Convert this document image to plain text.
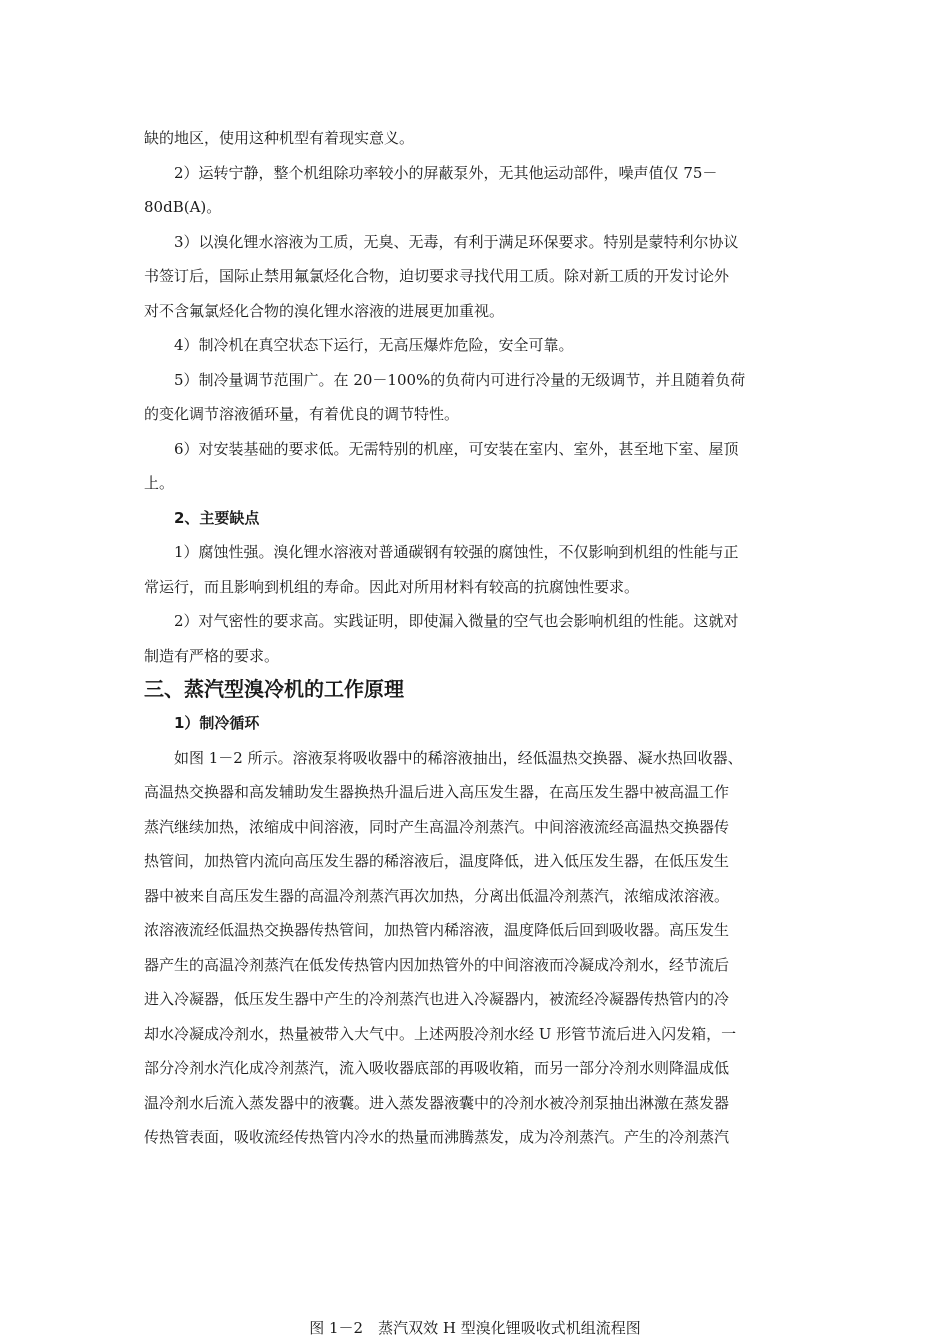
缺的地区，使用这种机型有着现实意义。
2）运转宁静，整个机组除功率较小的屏蔽泵外，无其他运动部件，噪声值仅 75－
80dB(A)。
3）以溴化锂水溶液为工质，无臭、无毒，有利于满足环保要求。特别是蒙特利尔协议
书签订后，国际止禁用氟氯烃化合物，迫切要求寻找代用工质。除对新工质的开发讨论外
对不含氟氯烃化合物的溴化锂水溶液的进展更加重视。
4）制冷机在真空状态下运行，无高压爆炸危险，安全可靠。
5）制冷量调节范围广。在 20－100%的负荷内可进行冷量的无级调节，并且随着负荷
的变化调节溶液循环量，有着优良的调节特性。
6）对安装基础的要求低。无需特别的机座，可安装在室内、室外，甚至地下室、屋顶
上。
2、主要缺点
1）腐蚀性强。溴化锂水溶液对普通碳钢有较强的腐蚀性，不仅影响到机组的性能与正
常运行，而且影响到机组的寿命。因此对所用材料有较高的抗腐蚀性要求。
2）对气密性的要求高。实践证明，即使漏入微量的空气也会影响机组的性能。这就对
制造有严格的要求。
三、蒸汽型溴冷机的工作原理
1）制冷循环
如图 1－2 所示。溶液泵将吸收器中的稀溶液抽出，经低温热交换器、凝水热回收器、
高温热交换器和高发辅助发生器换热升温后进入高压发生器，在高压发生器中被高温工作
蒸汽继续加热，浓缩成中间溶液，同时产生高温冷剂蒸汽。中间溶液流经高温热交换器传
热管间，加热管内流向高压发生器的稀溶液后，温度降低，进入低压发生器，在低压发生
器中被来自高压发生器的高温冷剂蒸汽再次加热，分离出低温冷剂蒸汽，浓缩成浓溶液。
浓溶液流经低温热交换器传热管间，加热管内稀溶液，温度降低后回到吸收器。高压发生
器产生的高温冷剂蒸汽在低发传热管内因加热管外的中间溶液而冷凝成冷剂水，经节流后
进入冷凝器，低压发生器中产生的冷剂蒸汽也进入冷凝器内，被流经冷凝器传热管内的冷
却水冷凝成冷剂水，热量被带入大气中。上述两股冷剂水经 U 形管节流后进入闪发箱，一
部分冷剂水汽化成冷剂蒸汽，流入吸收器底部的再吸收箱，而另一部分冷剂水则降温成低
温冷剂水后流入蒸发器中的液囊。进入蒸发器液囊中的冷剂水被冷剂泵抽出淋激在蒸发器
传热管表面，吸收流经传热管内冷水的热量而沸腾蒸发，成为冷剂蒸汽。产生的冷剂蒸汽
图 1－2　蒸汽双效 H 型溴化锂吸收式机组流程图
